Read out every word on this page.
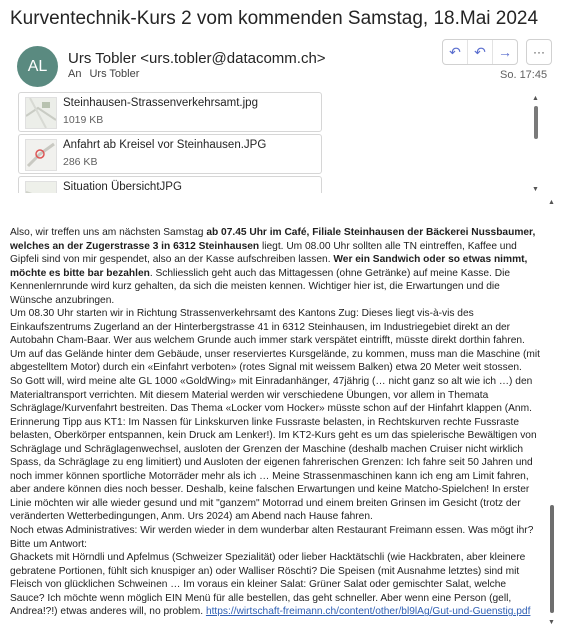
Kurventechnik-Kurs 2 vom kommenden Samstag, 18.Mai 2024
AL	Urs Tobler <urs.tobler@datacomm.ch>
An Urs Tobler
↶ ↶ → ···
So. 17:45
Steinhausen-Strassenverkehrsamt.jpg
1019 KB
Anfahrt ab Kreisel vor Steinhausen.JPG
286 KB
Situation ÜbersichtJPG
▲
▼

Also, wir treffen uns am nächsten Samstag ab 07.45 Uhr im Café, Filiale Steinhausen der Bäckerei Nussbaumer, welches an der Zugerstrasse 3 in 6312 Steinhausen liegt. Um 08.00 Uhr sollten alle TN eintreffen, Kaffee und Gipfeli sind von mir gespendet, also an der Kasse aufschreiben lassen. Wer ein Sandwich oder so etwas nimmt, möchte es bitte bar bezahlen. Schliesslich geht auch das Mittagessen (ohne Getränke) auf meine Kasse. Die Kennenlernrunde wird kurz gehalten, da sich die meisten kennen. Wichtiger hier ist, die Erwartungen und die Wünsche anzubringen.

Um 08.30 Uhr starten wir in Richtung Strassenverkehrsamt des Kantons Zug: Dieses liegt vis-à-vis des Einkaufszentrums Zugerland an der Hinterbergstrasse 41 in 6312 Steinhausen, im Industriegebiet direkt an der Autobahn Cham-Baar. Wer aus welchem Grunde auch immer stark verspätet eintrifft, müsste direkt dorthin fahren. Um auf das Gelände hinter dem Gebäude, unser reserviertes Kursgelände, zu kommen, muss man die Maschine (mit abgestelltem Motor) durch ein «Einfahrt verboten» (rotes Signal mit weissem Balken) etwa 20 Meter weit stossen.

So Gott will, wird meine alte GL 1000 «GoldWing» mit Einradanhänger, 47jährig (… nicht ganz so alt wie ich …) den Materialtransport verrichten. Mit diesem Material werden wir verschiedene Übungen, vor allem in Themata Schräglage/Kurvenfahrt bestreiten. Das Thema «Locker vom Hocker» müsste schon auf der Hinfahrt klappen (Anm. Erinnerung Tipp aus KT1: Im Nassen für Linkskurven linke Fussraste belasten, in Rechtskurven rechte Fussraste belasten, Oberkörper entspannen, kein Druck am Lenker!). Im KT2-Kurs geht es um das spielerische Bewältigen von Schräglage und Schräglagenwechsel, ausloten der Grenzen der Maschine (deshalb machen Cruiser nicht wirklich Spass, da Schräglage zu eng limitiert) und Ausloten der eigenen fahrerischen Grenzen: Ich fahre seit 50 Jahren und noch immer können sportliche Motorräder mehr als ich … Meine Strassenmaschinen kann ich eng am Limit fahren, aber andere können dies noch besser. Deshalb, keine falschen Erwartungen und keine Matcho-Spielchen! In erster Linie möchten wir alle wieder gesund und mit "ganzem" Motorrad und einem breiten Grinsen im Gesicht (trotz der veränderten Wetterbedingungen, Anm. Urs 2024) am Abend nach Hause fahren.

Noch etwas Administratives: Wir werden wieder in dem wunderbar alten Restaurant Freimann essen. Was mögt ihr? Bitte um Antwort:

Ghackets mit Hörndli und Apfelmus (Schweizer Spezialität) oder lieber Hacktätschli (wie Hackbraten, aber kleinere gebratene Portionen, fühlt sich knuspiger an) oder Walliser Röschti? Die Speisen (mit Ausnahme letztes) sind mit Fleisch von glücklichen Schweinen … Im voraus ein kleiner Salat: Grüner Salat oder gemischter Salat, welche Sauce? Ich möchte wenn möglich EIN Menü für alle bestellen, das geht schneller. Aber wenn eine Person (gell, Andrea!?!) etwas anderes will, no problem. https://wirtschaft-freimann.ch/content/other/bl9lAg/Gut-und-Guenstig.pdf

▲
▼
